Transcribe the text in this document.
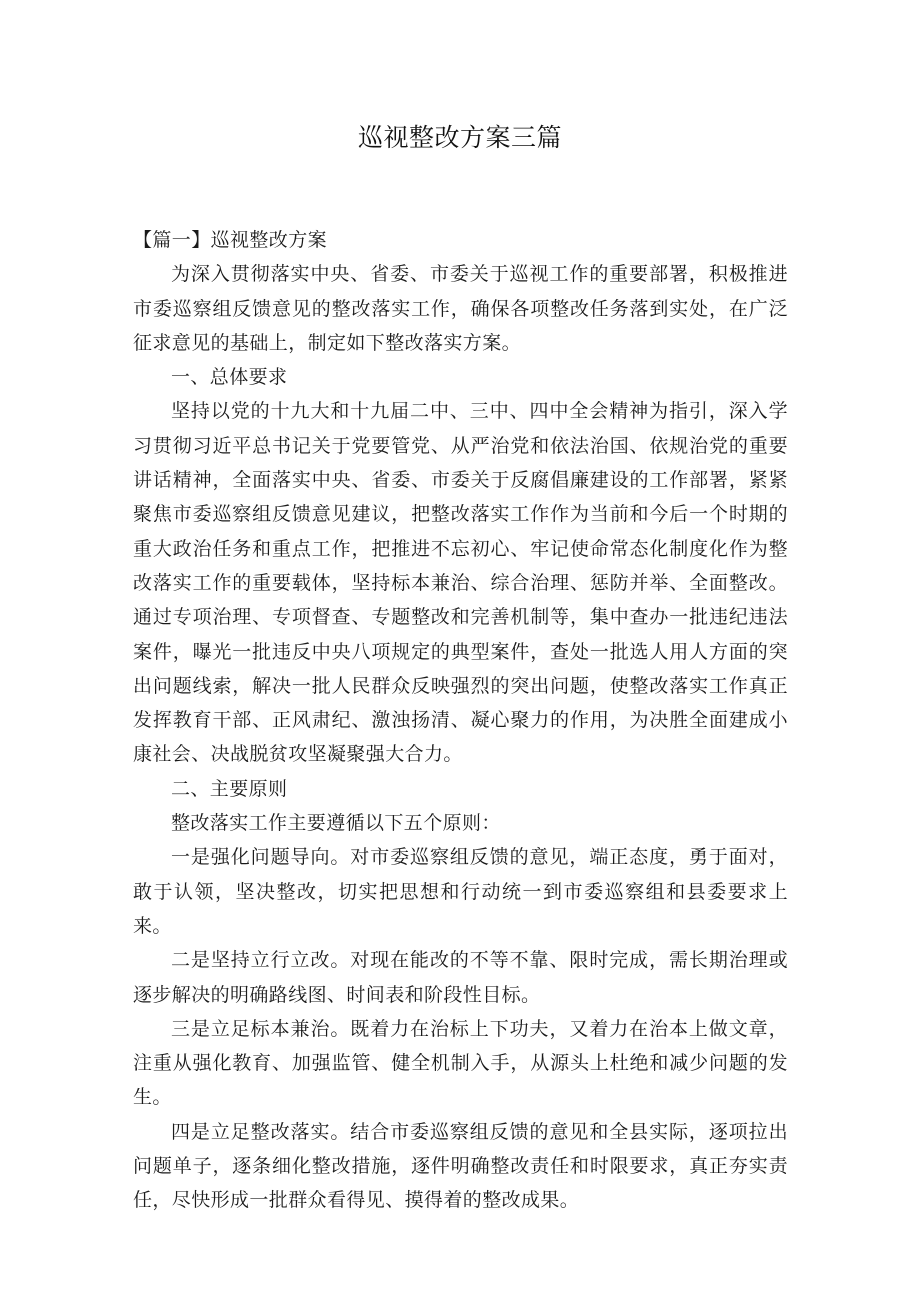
巡视整改方案三篇

【篇一】巡视整改方案

为深入贯彻落实中央、省委、市委关于巡视工作的重要部署，积极推进市委巡察组反馈意见的整改落实工作，确保各项整改任务落到实处，在广泛征求意见的基础上，制定如下整改落实方案。

一、总体要求

坚持以党的十九大和十九届二中、三中、四中全会精神为指引，深入学习贯彻习近平总书记关于党要管党、从严治党和依法治国、依规治党的重要讲话精神，全面落实中央、省委、市委关于反腐倡廉建设的工作部署，紧紧聚焦市委巡察组反馈意见建议，把整改落实工作作为当前和今后一个时期的重大政治任务和重点工作，把推进不忘初心、牢记使命常态化制度化作为整改落实工作的重要载体，坚持标本兼治、综合治理、惩防并举、全面整改。通过专项治理、专项督查、专题整改和完善机制等，集中查办一批违纪违法案件，曝光一批违反中央八项规定的典型案件，查处一批选人用人方面的突出问题线索，解决一批人民群众反映强烈的突出问题，使整改落实工作真正发挥教育干部、正风肃纪、激浊扬清、凝心聚力的作用，为决胜全面建成小康社会、决战脱贫攻坚凝聚强大合力。

二、主要原则

整改落实工作主要遵循以下五个原则：

一是强化问题导向。对市委巡察组反馈的意见，端正态度，勇于面对，敢于认领，坚决整改，切实把思想和行动统一到市委巡察组和县委要求上来。

二是坚持立行立改。对现在能改的不等不靠、限时完成，需长期治理或逐步解决的明确路线图、时间表和阶段性目标。

三是立足标本兼治。既着力在治标上下功夫，又着力在治本上做文章，注重从强化教育、加强监管、健全机制入手，从源头上杜绝和减少问题的发生。

四是立足整改落实。结合市委巡察组反馈的意见和全县实际，逐项拉出问题单子，逐条细化整改措施，逐件明确整改责任和时限要求，真正夯实责任，尽快形成一批群众看得见、摸得着的整改成果。
